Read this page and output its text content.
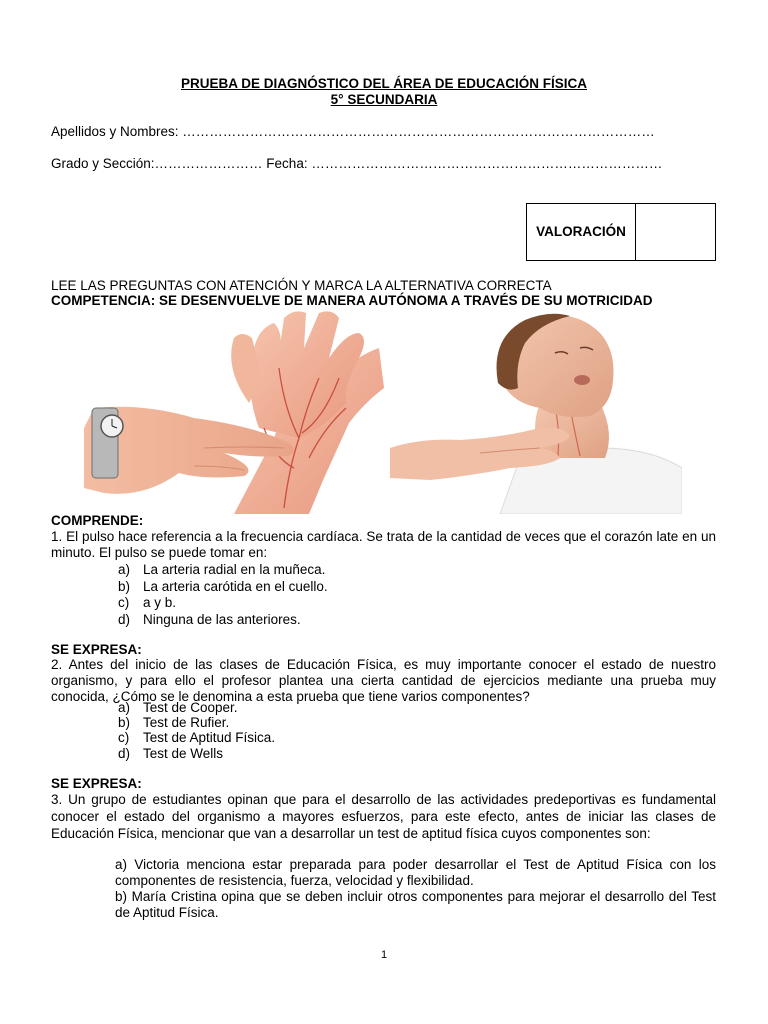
PRUEBA DE DIAGNÓSTICO DEL ÁREA DE EDUCACIÓN FÍSICA
5° SECUNDARIA
Apellidos y Nombres: ……………………………………………………………………………………………
Grado y Sección:…………………… Fecha: ……………………………………………………………………
VALORACIÓN
LEE LAS PREGUNTAS CON ATENCIÓN Y MARCA LA ALTERNATIVA CORRECTA
COMPETENCIA: SE DESENVUELVE DE MANERA AUTÓNOMA A TRAVÉS DE SU MOTRICIDAD
COMPRENDE:
1. El pulso hace referencia a la frecuencia cardíaca. Se trata de la cantidad de veces que el corazón late en un minuto. El pulso se puede tomar en:
a) La arteria radial en la muñeca.
b) La arteria carótida en el cuello.
c) a y b.
d) Ninguna de las anteriores.
SE EXPRESA:
2. Antes del inicio de las clases de Educación Física, es muy importante conocer el estado de nuestro organismo, y para ello el profesor plantea una cierta cantidad de ejercicios mediante una prueba muy conocida, ¿Cómo se le denomina a esta prueba que tiene varios componentes?
a) Test de Cooper.
b) Test de Rufier.
c) Test de Aptitud Física.
d) Test de Wells
SE EXPRESA:
3. Un grupo de estudiantes opinan que para el desarrollo de las actividades predeportivas es fundamental conocer el estado del organismo a mayores esfuerzos, para este efecto, antes de iniciar las clases de Educación Física, mencionar que van a desarrollar un test de aptitud física cuyos componentes son:
a) Victoria menciona estar preparada para poder desarrollar el Test de Aptitud Física con los componentes de resistencia, fuerza, velocidad y flexibilidad.
b) María Cristina opina que se deben incluir otros componentes para mejorar el desarrollo del Test de Aptitud Física.
1
